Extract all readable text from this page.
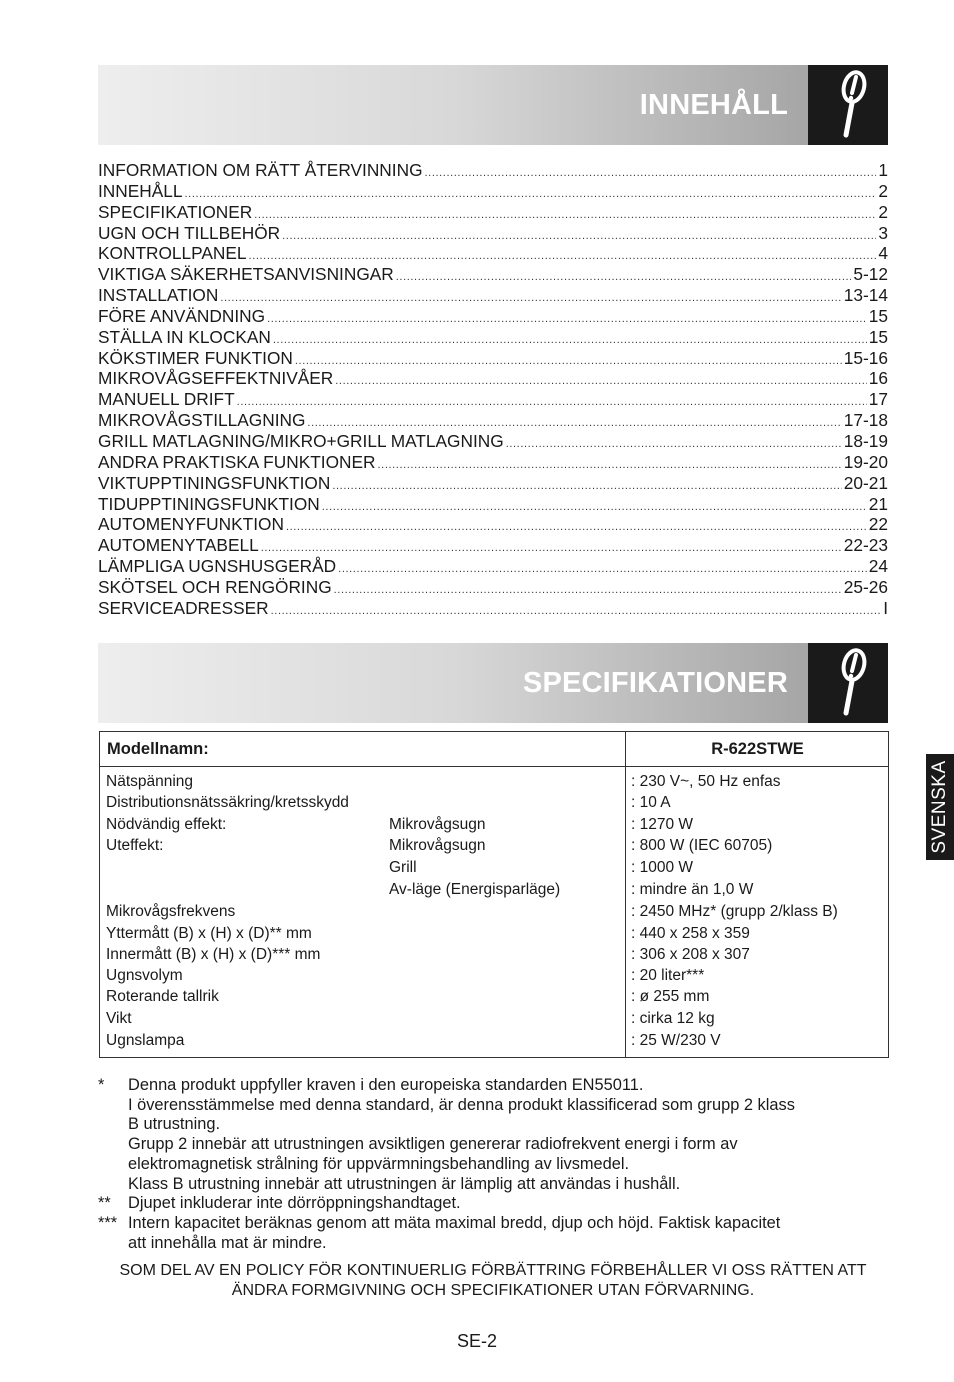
INNEHÅLL
INFORMATION OM RÄTT ÅTERVINNING .....	1
INNEHÅLL .....	2
SPECIFIKATIONER .....	2
UGN OCH TILLBEHÖR .....	3
KONTROLLPANEL .....	4
VIKTIGA SÄKERHETSANVISNINGAR .....	5-12
INSTALLATION .....	13-14
FÖRE ANVÄNDNING .....	15
STÄLLA IN KLOCKAN .....	15
KÖKSTIMER FUNKTION .....	15-16
MIKROVÅGSEFFEKTNIVÅER .....	16
MANUELL DRIFT .....	17
MIKROVÅGSTILLAGNING .....	17-18
GRILL MATLAGNING/MIKRO+GRILL MATLAGNING .....	18-19
ANDRA PRAKTISKA FUNKTIONER .....	19-20
VIKTUPPTININGSFUNKTION .....	20-21
TIDUPPTININGSFUNKTION .....	21
AUTOMENYFUNKTION .....	22
AUTOMENYTABELL .....	22-23
LÄMPLIGA UGNSHUSGERÅD .....	24
SKÖTSEL OCH RENGÖRING .....	25-26
SERVICEADRESSER .....	I
SPECIFIKATIONER
Modellnamn:	R-622STWE
Nätspänning	: 230 V~, 50 Hz enfas
Distributionsnätssäkring/kretsskydd	: 10 A
Nödvändig effekt:	Mikrovågsugn	: 1270 W
Uteffekt:	Mikrovågsugn	: 800 W (IEC 60705)
Grill	: 1000 W
Av-läge (Energisparläge)	: mindre än 1,0 W
Mikrovågsfrekvens	: 2450 MHz* (grupp 2/klass B)
Yttermått (B) x (H) x (D)** mm	: 440 x 258 x 359
Innermått (B) x (H) x (D)*** mm	: 306 x 208 x 307
Ugnsvolym	: 20 liter***
Roterande tallrik	: ø 255 mm
Vikt	: cirka 12 kg
Ugnslampa	: 25 W/230 V
* Denna produkt uppfyller kraven i den europeiska standarden EN55011.
I överensstämmelse med denna standard, är denna produkt klassificerad som grupp 2 klass
B utrustning.
Grupp 2 innebär att utrustningen avsiktligen genererar radiofrekvent energi i form av
elektromagnetisk strålning för uppvärmningsbehandling av livsmedel.
Klass B utrustning innebär att utrustningen är lämplig att användas i hushåll.
** Djupet inkluderar inte dörröppningshandtaget.
*** Intern kapacitet beräknas genom att mäta maximal bredd, djup och höjd. Faktisk kapacitet
att innehålla mat är mindre.
SOM DEL AV EN POLICY FÖR KONTINUERLIG FÖRBÄTTRING FÖRBEHÅLLER VI OSS RÄTTEN ATT
ÄNDRA FORMGIVNING OCH SPECIFIKATIONER UTAN FÖRVARNING.
SE-2
SVENSKA
